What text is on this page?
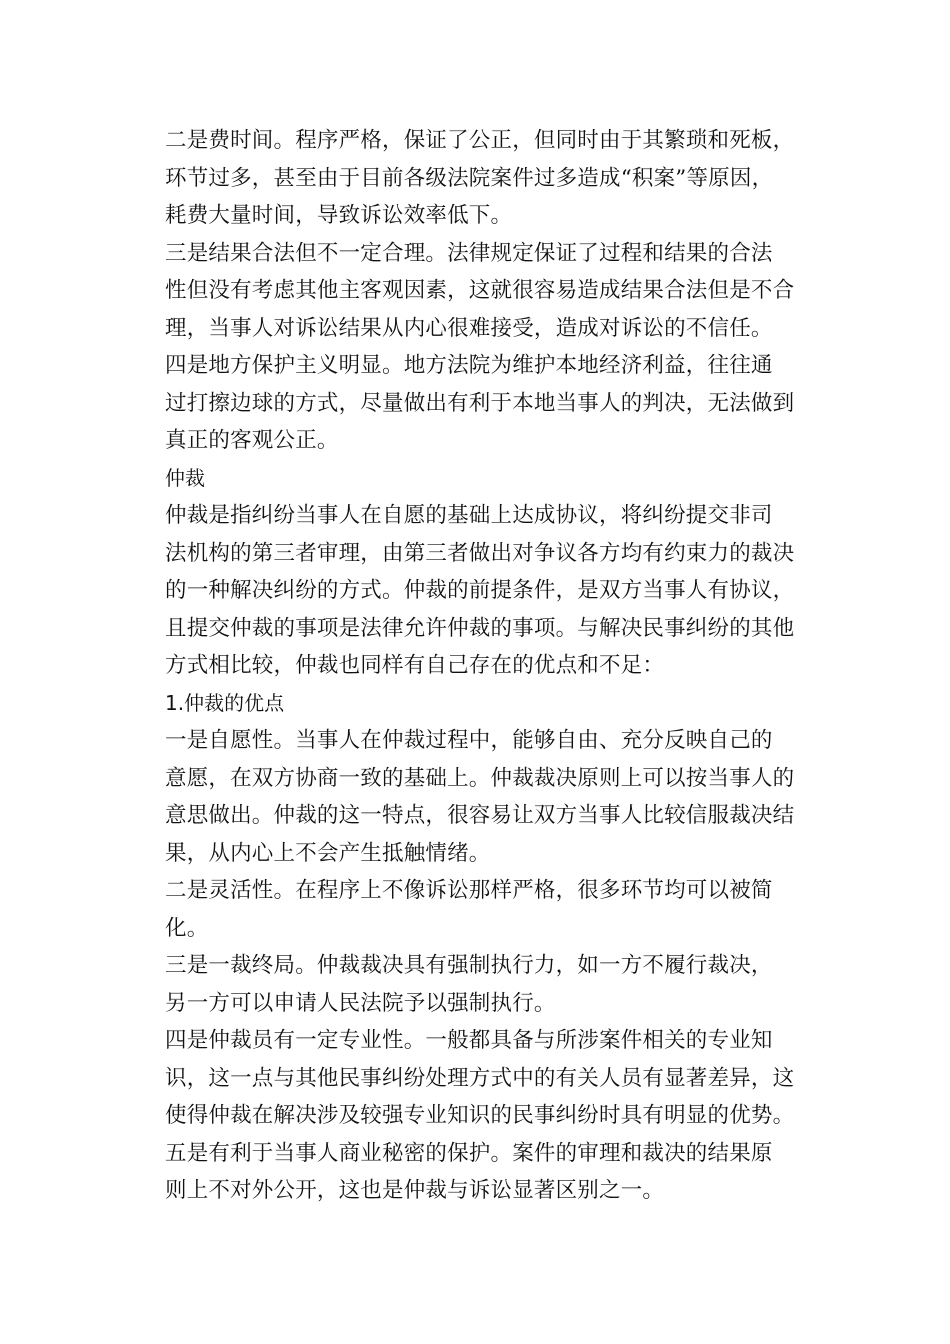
二是费时间。程序严格，保证了公正，但同时由于其繁琐和死板，
环节过多，甚至由于目前各级法院案件过多造成“积案”等原因，
耗费大量时间，导致诉讼效率低下。

三是结果合法但不一定合理。法律规定保证了过程和结果的合法
性但没有考虑其他主客观因素，这就很容易造成结果合法但是不合
理，当事人对诉讼结果从内心很难接受，造成对诉讼的不信任。

四是地方保护主义明显。地方法院为维护本地经济利益，往往通
过打擦边球的方式，尽量做出有利于本地当事人的判决，无法做到
真正的客观公正。

仲裁

仲裁是指纠纷当事人在自愿的基础上达成协议，将纠纷提交非司
法机构的第三者审理，由第三者做出对争议各方均有约束力的裁决
的一种解决纠纷的方式。仲裁的前提条件，是双方当事人有协议，
且提交仲裁的事项是法律允许仲裁的事项。与解决民事纠纷的其他
方式相比较，仲裁也同样有自己存在的优点和不足：

1.仲裁的优点

一是自愿性。当事人在仲裁过程中，能够自由、充分反映自己的
意愿，在双方协商一致的基础上。仲裁裁决原则上可以按当事人的
意思做出。仲裁的这一特点，很容易让双方当事人比较信服裁决结
果，从内心上不会产生抵触情绪。

二是灵活性。在程序上不像诉讼那样严格，很多环节均可以被简
化。

三是一裁终局。仲裁裁决具有强制执行力，如一方不履行裁决，
另一方可以申请人民法院予以强制执行。

四是仲裁员有一定专业性。一般都具备与所涉案件相关的专业知
识，这一点与其他民事纠纷处理方式中的有关人员有显著差异，这
使得仲裁在解决涉及较强专业知识的民事纠纷时具有明显的优势。

五是有利于当事人商业秘密的保护。案件的审理和裁决的结果原
则上不对外公开，这也是仲裁与诉讼显著区别之一。
